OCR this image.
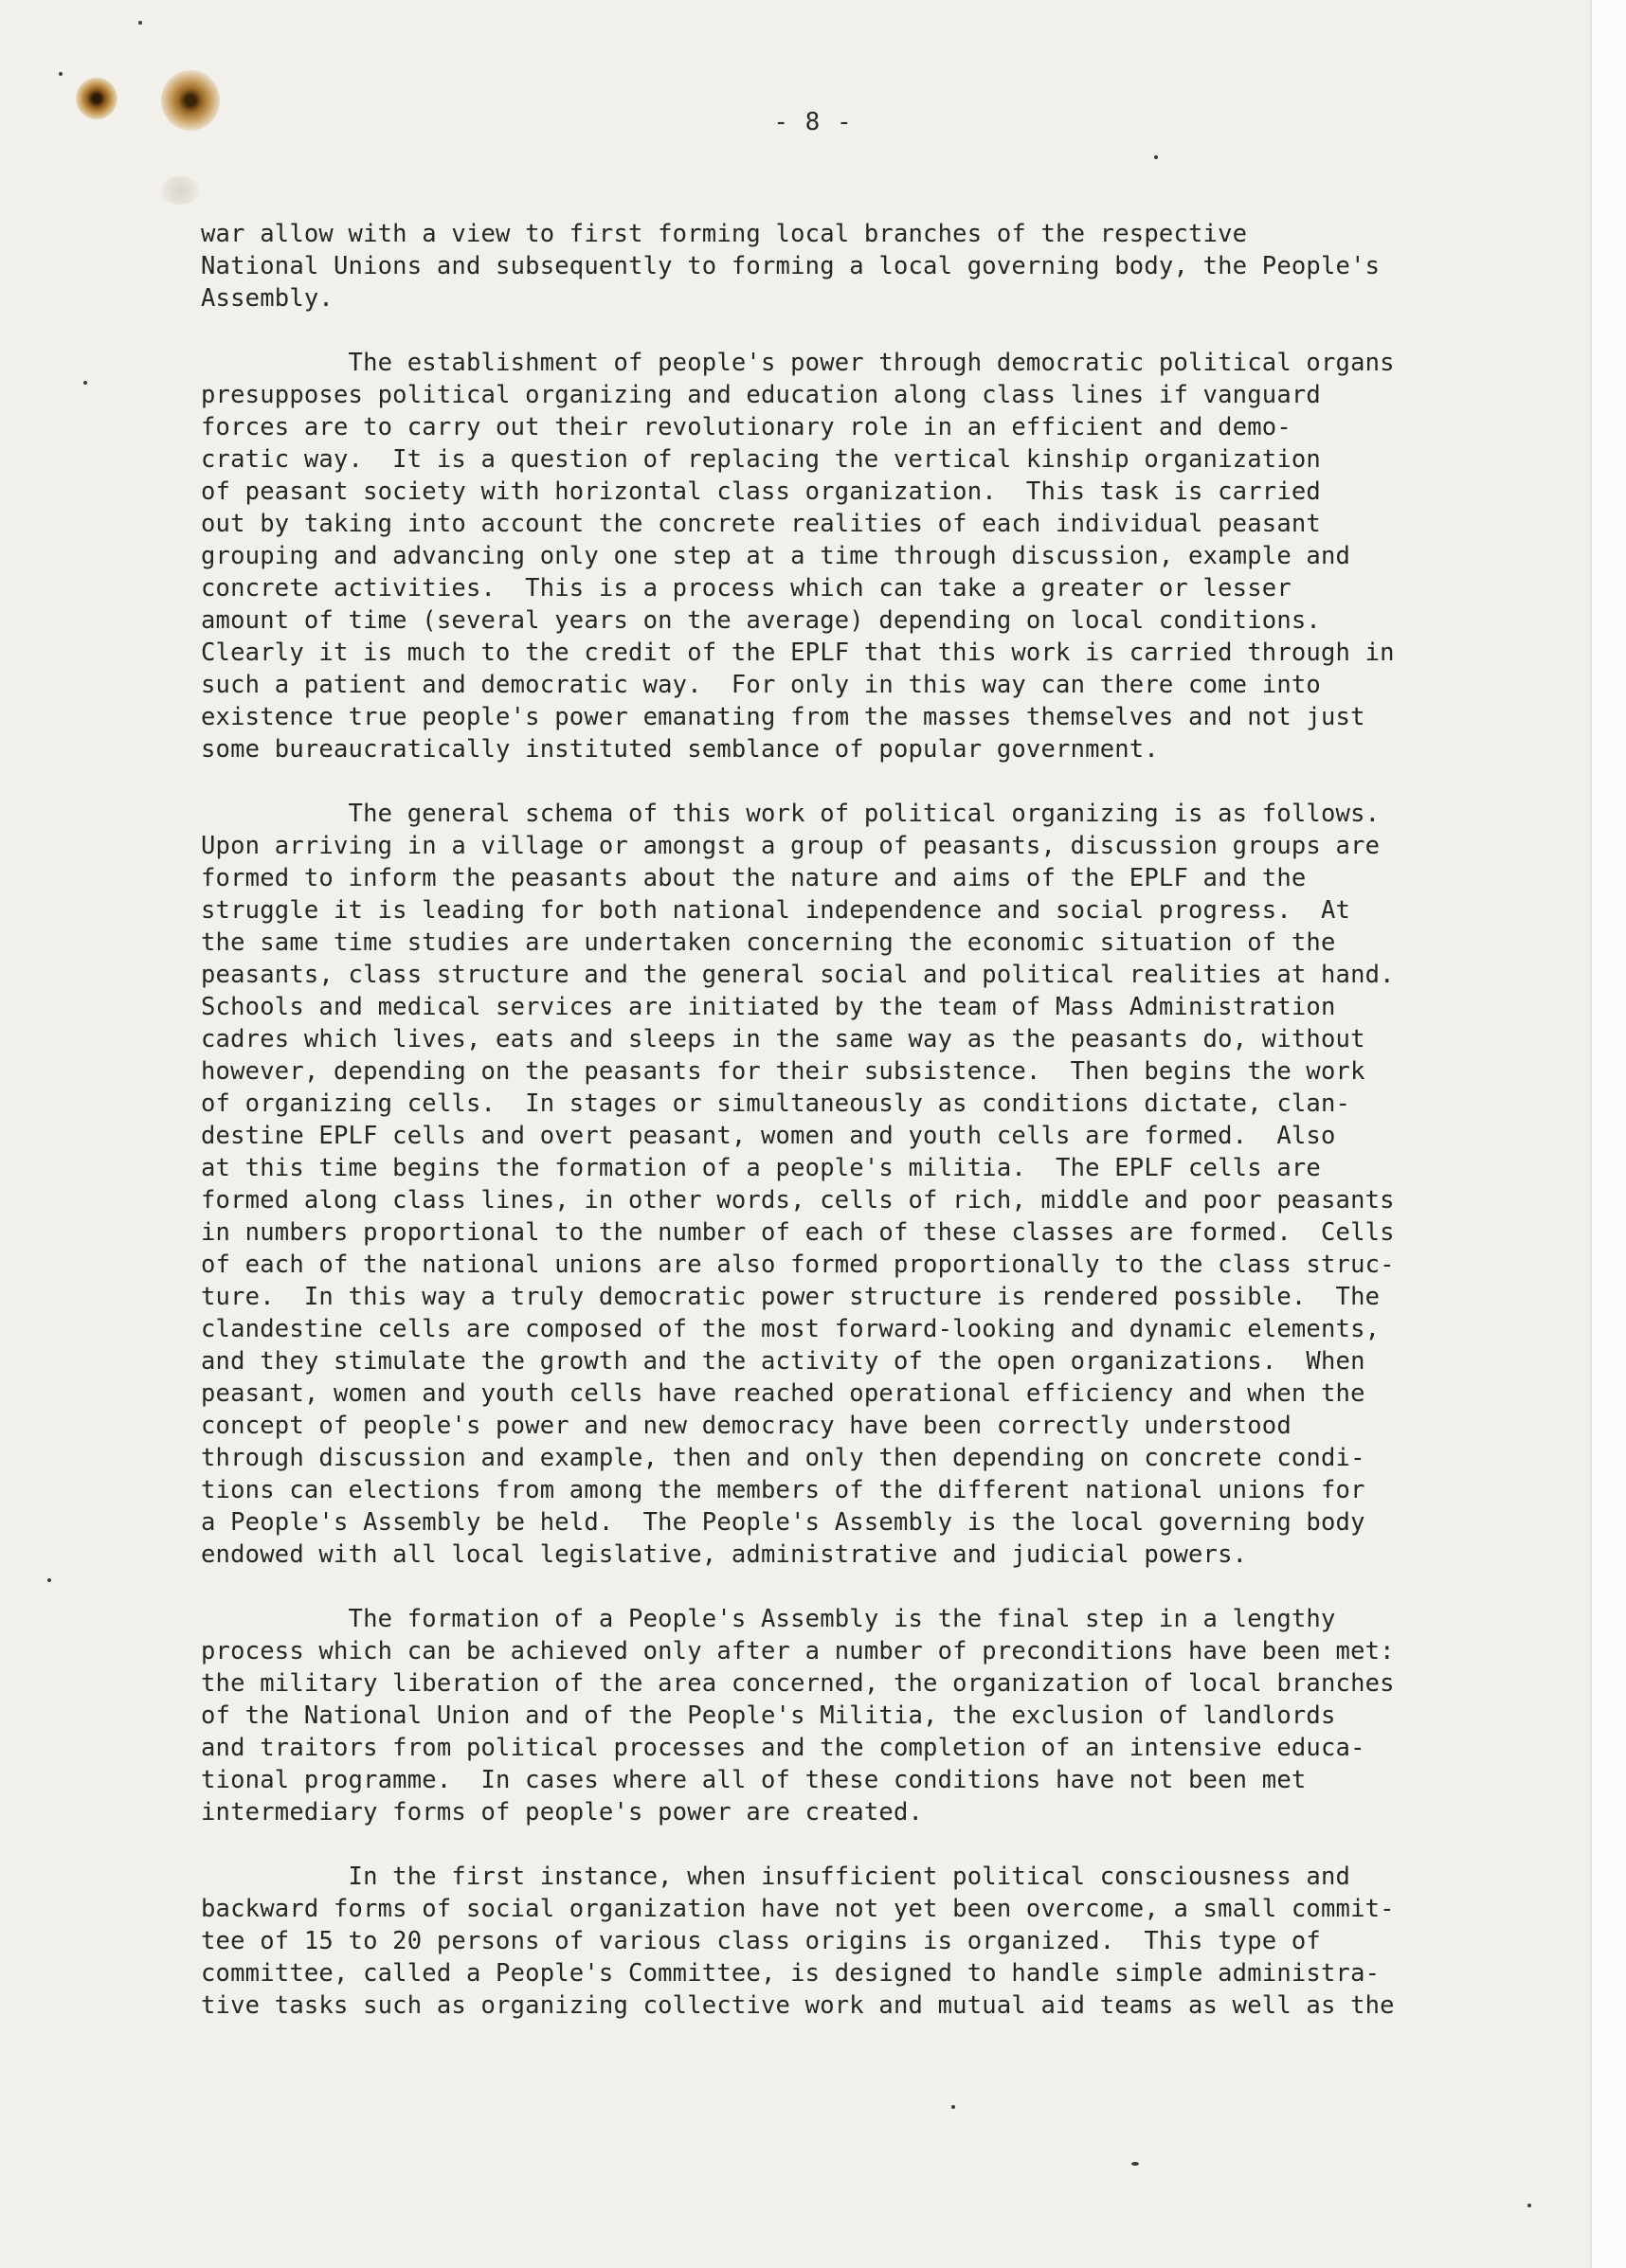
- 8 -

war allow with a view to first forming local branches of the respective
National Unions and subsequently to forming a local governing body, the People's
Assembly.

The establishment of people's power through democratic political organs
presupposes political organizing and education along class lines if vanguard
forces are to carry out their revolutionary role in an efficient and demo-
cratic way.  It is a question of replacing the vertical kinship organization
of peasant society with horizontal class organization.  This task is carried
out by taking into account the concrete realities of each individual peasant
grouping and advancing only one step at a time through discussion, example and
concrete activities.  This is a process which can take a greater or lesser
amount of time (several years on the average) depending on local conditions.
Clearly it is much to the credit of the EPLF that this work is carried through in
such a patient and democratic way.  For only in this way can there come into
existence true people's power emanating from the masses themselves and not just
some bureaucratically instituted semblance of popular government.

The general schema of this work of political organizing is as follows.
Upon arriving in a village or amongst a group of peasants, discussion groups are
formed to inform the peasants about the nature and aims of the EPLF and the
struggle it is leading for both national independence and social progress.  At
the same time studies are undertaken concerning the economic situation of the
peasants, class structure and the general social and political realities at hand.
Schools and medical services are initiated by the team of Mass Administration
cadres which lives, eats and sleeps in the same way as the peasants do, without
however, depending on the peasants for their subsistence.  Then begins the work
of organizing cells.  In stages or simultaneously as conditions dictate, clan-
destine EPLF cells and overt peasant, women and youth cells are formed.  Also
at this time begins the formation of a people's militia.  The EPLF cells are
formed along class lines, in other words, cells of rich, middle and poor peasants
in numbers proportional to the number of each of these classes are formed.  Cells
of each of the national unions are also formed proportionally to the class struc-
ture.  In this way a truly democratic power structure is rendered possible.  The
clandestine cells are composed of the most forward-looking and dynamic elements,
and they stimulate the growth and the activity of the open organizations.  When
peasant, women and youth cells have reached operational efficiency and when the
concept of people's power and new democracy have been correctly understood
through discussion and example, then and only then depending on concrete condi-
tions can elections from among the members of the different national unions for
a People's Assembly be held.  The People's Assembly is the local governing body
endowed with all local legislative, administrative and judicial powers.

The formation of a People's Assembly is the final step in a lengthy
process which can be achieved only after a number of preconditions have been met:
the military liberation of the area concerned, the organization of local branches
of the National Union and of the People's Militia, the exclusion of landlords
and traitors from political processes and the completion of an intensive educa-
tional programme.  In cases where all of these conditions have not been met
intermediary forms of people's power are created.

In the first instance, when insufficient political consciousness and
backward forms of social organization have not yet been overcome, a small commit-
tee of 15 to 20 persons of various class origins is organized.  This type of
committee, called a People's Committee, is designed to handle simple administra-
tive tasks such as organizing collective work and mutual aid teams as well as the
